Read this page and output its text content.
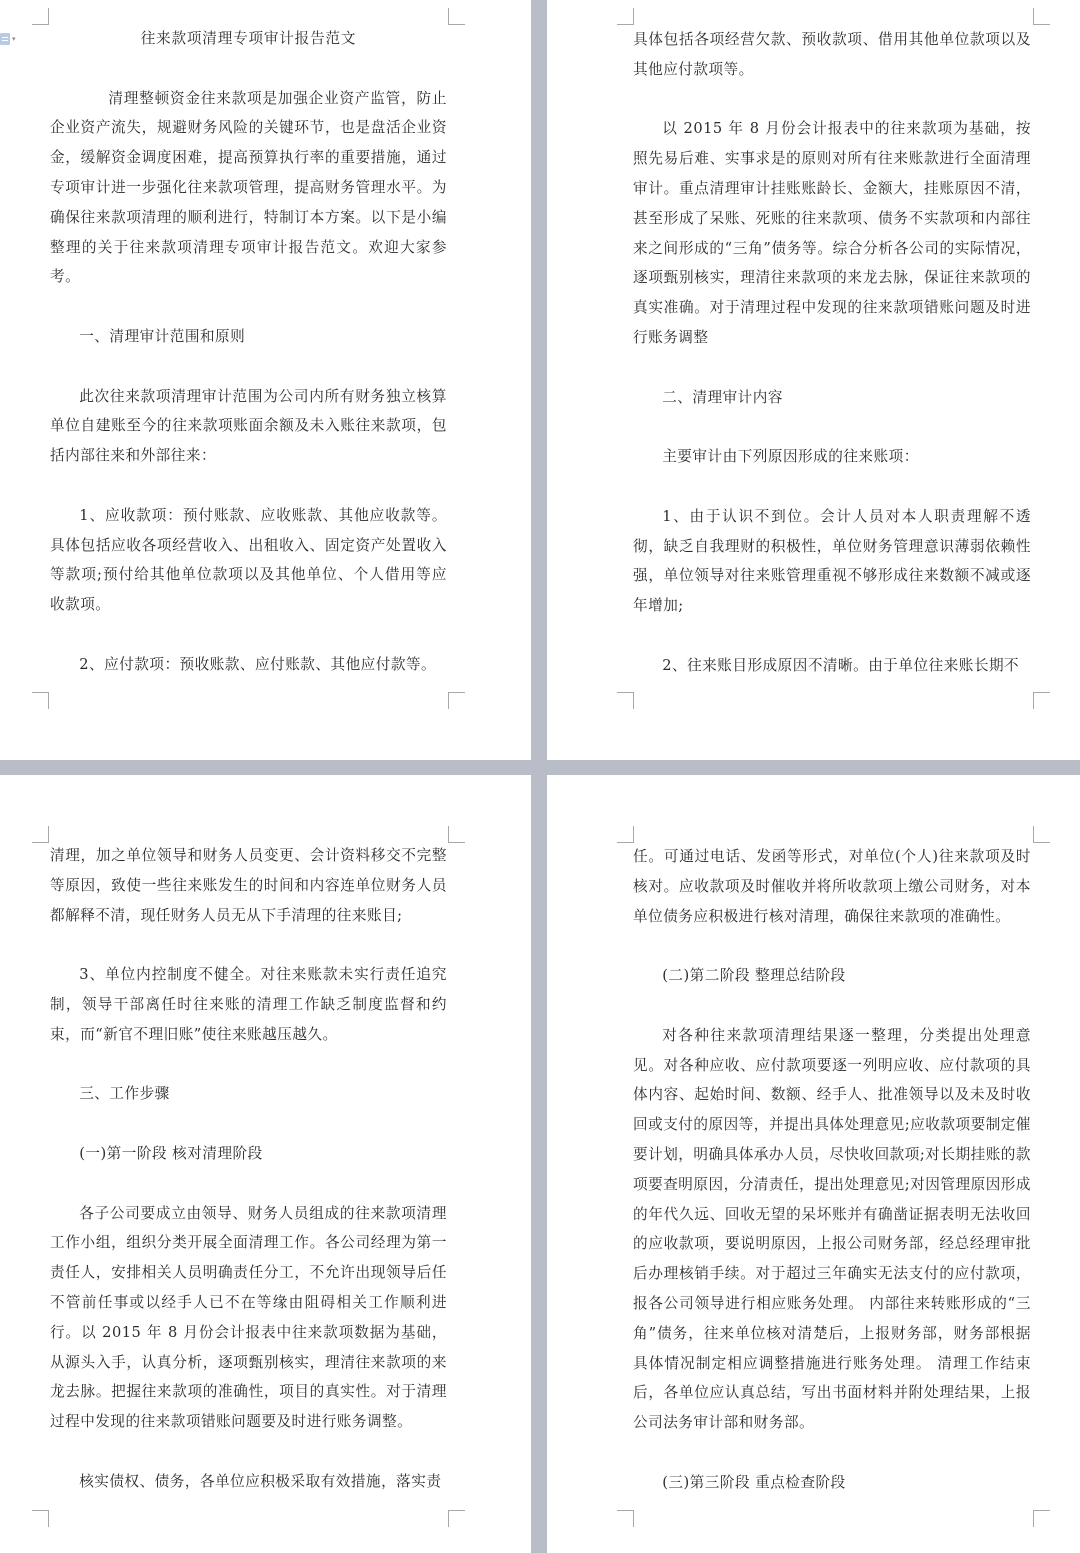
▾	往来款项清理专项审计报告范文

清理整顿资金往来款项是加强企业资产监管，防止企业资产流失，规避财务风险的关键环节，也是盘活企业资金，缓解资金调度困难，提高预算执行率的重要措施，通过专项审计进一步强化往来款项管理，提高财务管理水平。为确保往来款项清理的顺利进行，特制订本方案。以下是小编整理的关于往来款项清理专项审计报告范文。欢迎大家参考。

一、清理审计范围和原则

此次往来款项清理审计范围为公司内所有财务独立核算单位自建账至今的往来款项账面余额及未入账往来款项，包括内部往来和外部往来：

1、应收款项：预付账款、应收账款、其他应收款等。具体包括应收各项经营收入、出租收入、固定资产处置收入等款项;预付给其他单位款项以及其他单位、个人借用等应收款项。

2、应付款项：预收账款、应付账款、其他应付款等。

具体包括各项经营欠款、预收款项、借用其他单位款项以及其他应付款项等。

以 2015 年 8 月份会计报表中的往来款项为基础，按照先易后难、实事求是的原则对所有往来账款进行全面清理审计。重点清理审计挂账账龄长、金额大，挂账原因不清，甚至形成了呆账、死账的往来款项、债务不实款项和内部往来之间形成的“三角”债务等。综合分析各公司的实际情况，逐项甄别核实，理清往来款项的来龙去脉，保证往来款项的真实准确。对于清理过程中发现的往来款项错账问题及时进行账务调整

二、清理审计内容

主要审计由下列原因形成的往来账项：

1、由于认识不到位。会计人员对本人职责理解不透彻，缺乏自我理财的积极性，单位财务管理意识薄弱依赖性强，单位领导对往来账管理重视不够形成往来数额不减或逐年增加;

2、往来账目形成原因不清晰。由于单位往来账长期不

清理，加之单位领导和财务人员变更、会计资料移交不完整等原因，致使一些往来账发生的时间和内容连单位财务人员都解释不清，现任财务人员无从下手清理的往来账目;

3、单位内控制度不健全。对往来账款未实行责任追究制，领导干部离任时往来账的清理工作缺乏制度监督和约束，而“新官不理旧账”使往来账越压越久。

三、工作步骤

(一)第一阶段 核对清理阶段

各子公司要成立由领导、财务人员组成的往来款项清理工作小组，组织分类开展全面清理工作。各公司经理为第一责任人，安排相关人员明确责任分工，不允许出现领导后任不管前任事或以经手人已不在等缘由阻碍相关工作顺利进行。以 2015 年 8 月份会计报表中往来款项数据为基础，从源头入手，认真分析，逐项甄别核实，理清往来款项的来龙去脉。把握往来款项的准确性，项目的真实性。对于清理过程中发现的往来款项错账问题要及时进行账务调整。

核实债权、债务，各单位应积极采取有效措施，落实责

任。可通过电话、发函等形式，对单位(个人)往来款项及时核对。应收款项及时催收并将所收款项上缴公司财务，对本单位债务应积极进行核对清理，确保往来款项的准确性。

(二)第二阶段 整理总结阶段

对各种往来款项清理结果逐一整理，分类提出处理意见。对各种应收、应付款项要逐一列明应收、应付款项的具体内容、起始时间、数额、经手人、批准领导以及未及时收回或支付的原因等，并提出具体处理意见;应收款项要制定催要计划，明确具体承办人员，尽快收回款项;对长期挂账的款项要查明原因，分清责任，提出处理意见;对因管理原因形成的年代久远、回收无望的呆坏账并有确凿证据表明无法收回的应收款项，要说明原因，上报公司财务部，经总经理审批后办理核销手续。对于超过三年确实无法支付的应付款项，报各公司领导进行相应账务处理。 内部往来转账形成的“三角”债务，往来单位核对清楚后，上报财务部，财务部根据具体情况制定相应调整措施进行账务处理。 清理工作结束后，各单位应认真总结，写出书面材料并附处理结果，上报公司法务审计部和财务部。

(三)第三阶段 重点检查阶段
